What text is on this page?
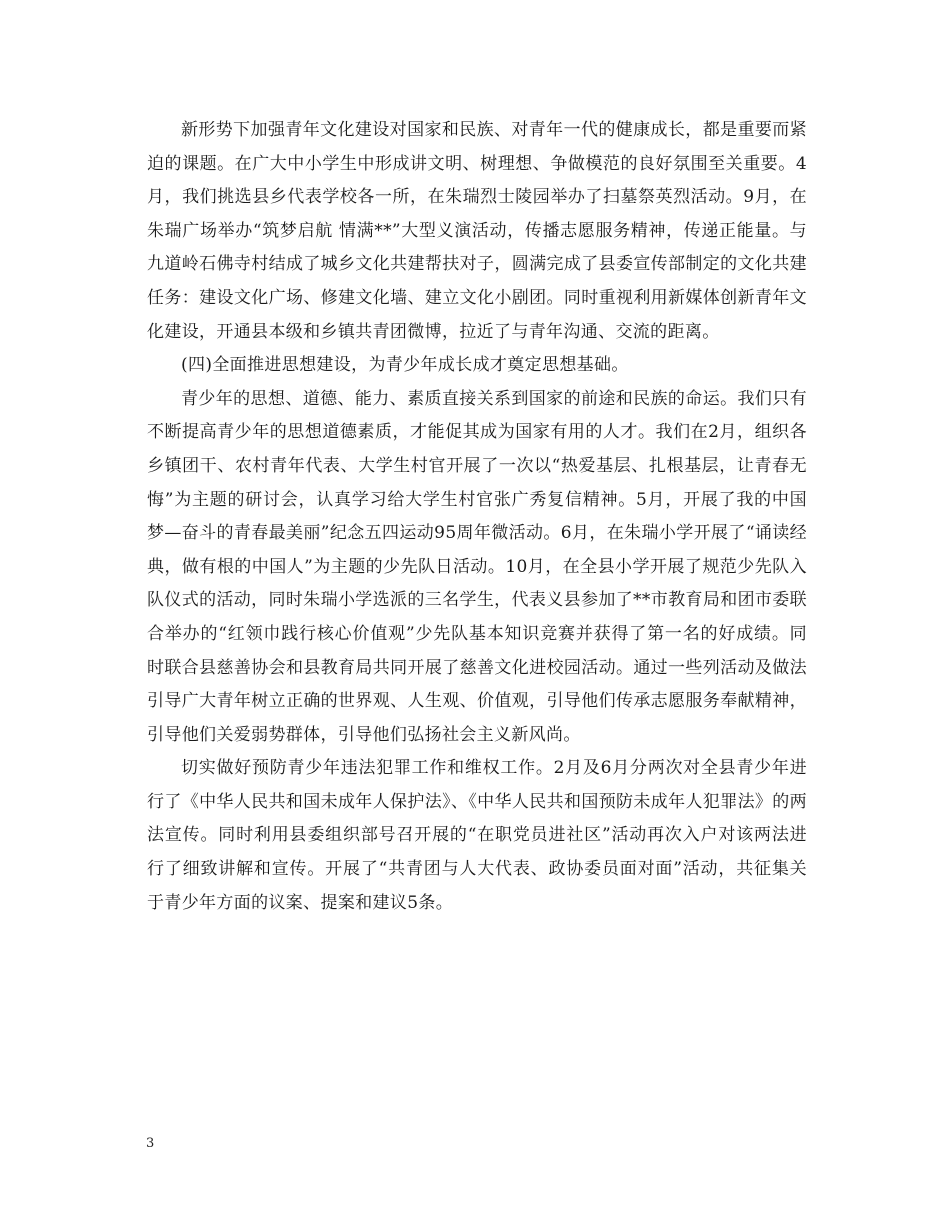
新形势下加强青年文化建设对国家和民族、对青年一代的健康成长，都是重要而紧迫的课题。在广大中小学生中形成讲文明、树理想、争做模范的良好氛围至关重要。4月，我们挑选县乡代表学校各一所，在朱瑞烈士陵园举办了扫墓祭英烈活动。9月，在朱瑞广场举办“筑梦启航 情满**”大型义演活动，传播志愿服务精神，传递正能量。与九道岭石佛寺村结成了城乡文化共建帮扶对子，圆满完成了县委宣传部制定的文化共建任务：建设文化广场、修建文化墙、建立文化小剧团。同时重视利用新媒体创新青年文化建设，开通县本级和乡镇共青团微博，拉近了与青年沟通、交流的距离。

(四)全面推进思想建设，为青少年成长成才奠定思想基础。

青少年的思想、道德、能力、素质直接关系到国家的前途和民族的命运。我们只有不断提高青少年的思想道德素质，才能促其成为国家有用的人才。我们在2月，组织各乡镇团干、农村青年代表、大学生村官开展了一次以“热爱基层、扎根基层，让青春无悔”为主题的研讨会，认真学习给大学生村官张广秀复信精神。5月，开展了我的中国梦—奋斗的青春最美丽”纪念五四运动95周年微活动。6月，在朱瑞小学开展了“诵读经典，做有根的中国人”为主题的少先队日活动。10月，在全县小学开展了规范少先队入队仪式的活动，同时朱瑞小学选派的三名学生，代表义县参加了**市教育局和团市委联合举办的“红领巾践行核心价值观”少先队基本知识竞赛并获得了第一名的好成绩。同时联合县慈善协会和县教育局共同开展了慈善文化进校园活动。通过一些列活动及做法引导广大青年树立正确的世界观、人生观、价值观，引导他们传承志愿服务奉献精神，引导他们关爱弱势群体，引导他们弘扬社会主义新风尚。

切实做好预防青少年违法犯罪工作和维权工作。2月及6月分两次对全县青少年进行了《中华人民共和国未成年人保护法》、《中华人民共和国预防未成年人犯罪法》的两法宣传。同时利用县委组织部号召开展的“在职党员进社区”活动再次入户对该两法进行了细致讲解和宣传。开展了“共青团与人大代表、政协委员面对面”活动，共征集关于青少年方面的议案、提案和建议5条。

3
